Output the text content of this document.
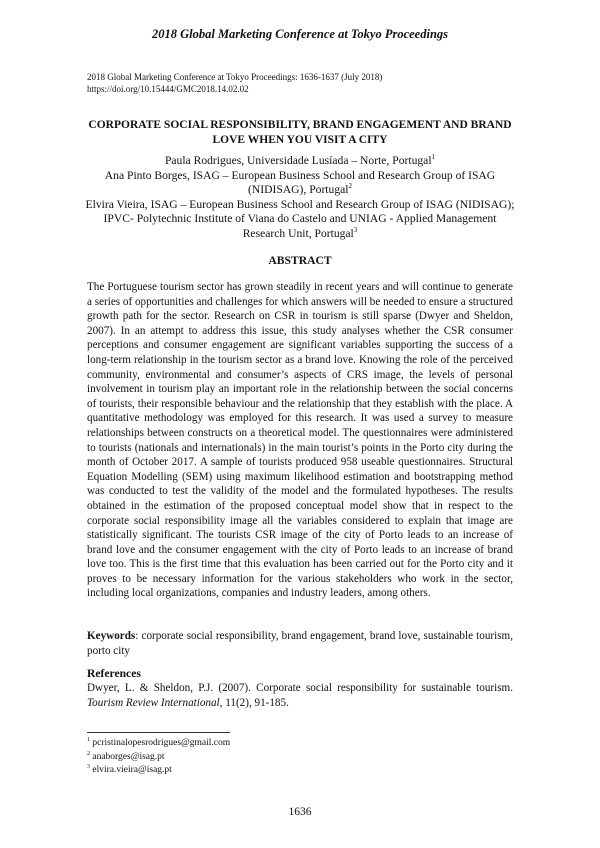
2018 Global Marketing Conference at Tokyo Proceedings
2018 Global Marketing Conference at Tokyo Proceedings: 1636-1637 (July 2018)
https://doi.org/10.15444/GMC2018.14.02.02
CORPORATE SOCIAL RESPONSIBILITY, BRAND ENGAGEMENT AND BRAND LOVE WHEN YOU VISIT A CITY

Paula Rodrigues, Universidade Lusíada – Norte, Portugal$^1$

Ana Pinto Borges, ISAG – European Business School and Research Group of ISAG (NIDISAG), Portugal$^2$

Elvira Vieira, ISAG – European Business School and Research Group of ISAG (NIDISAG); IPVC- Polytechnic Institute of Viana do Castelo and UNIAG - Applied Management Research Unit, Portugal$^3$

ABSTRACT

The Portuguese tourism sector has grown steadily in recent years and will continue to generate a series of opportunities and challenges for which answers will be needed to ensure a structured growth path for the sector. Research on CSR in tourism is still sparse (Dwyer and Sheldon, 2007). In an attempt to address this issue, this study analyses whether the CSR consumer perceptions and consumer engagement are significant variables supporting the success of a long-term relationship in the tourism sector as a brand love. Knowing the role of the perceived community, environmental and consumer’s aspects of CRS image, the levels of personal involvement in tourism play an important role in the relationship between the social concerns of tourists, their responsible behaviour and the relationship that they establish with the place. A quantitative methodology was employed for this research. It was used a survey to measure relationships between constructs on a theoretical model. The questionnaires were administered to tourists (nationals and internationals) in the main tourist’s points in the Porto city during the month of October 2017. A sample of tourists produced 958 useable questionnaires. Structural Equation Modelling (SEM) using maximum likelihood estimation and bootstrapping method was conducted to test the validity of the model and the formulated hypotheses. The results obtained in the estimation of the proposed conceptual model show that in respect to the corporate social responsibility image all the variables considered to explain that image are statistically significant. The tourists CSR image of the city of Porto leads to an increase of brand love and the consumer engagement with the city of Porto leads to an increase of brand love too. This is the first time that this evaluation has been carried out for the Porto city and it proves to be necessary information for the various stakeholders who work in the sector, including local organizations, companies and industry leaders, among others.

Keywords: corporate social responsibility, brand engagement, brand love, sustainable tourism, porto city

References

Dwyer, L. & Sheldon, P.J. (2007). Corporate social responsibility for sustainable tourism. Tourism Review International, 11(2), 91-185.

$^1$ pcristinalopesrodrigues@gmail.com
$^2$ anaborges@isag.pt
$^3$ elvira.vieira@isag.pt
1636
